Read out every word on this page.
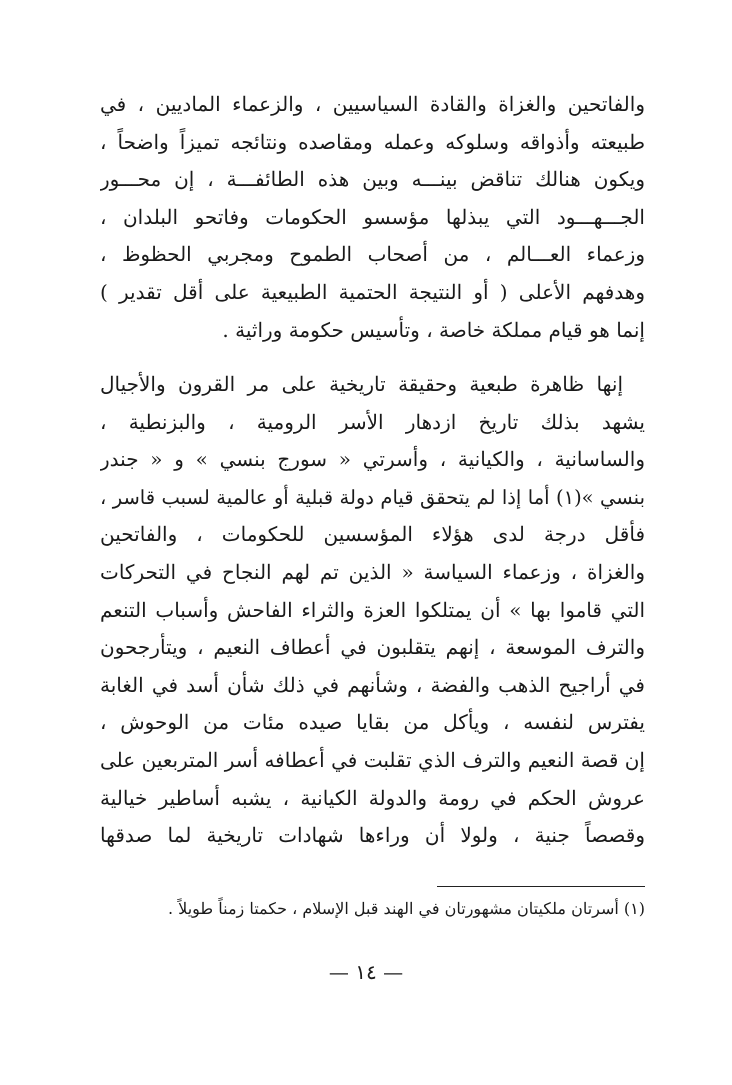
والفاتحين والغزاة والقادة السياسيين ، والزعماء الماديين ، في
طبيعته وأذواقه وسلوكه وعمله ومقاصده ونتائجه تميزاً واضحاً ،
ويكون هنالك تناقض بينـــه وبين هذه الطائفـــة ، إن محـــور
الجـــهـــود التي يبذلها مؤسسو الحكومات وفاتحو البلدان ،
وزعماء العـــالم ، من أصحاب الطموح ومجربي الحظوظ ،
وهدفهم الأعلى ( أو النتيجة الحتمية الطبيعية على أقل تقدير )
إنما هو قيام مملكة خاصة ، وتأسيس حكومة وراثية .
إنها ظاهرة طبعية وحقيقة تاريخية على مر القرون والأجيال
يشهد بذلك تاريخ ازدهار الأسر الرومية ، والبزنطية ،
والساسانية ، والكيانية ، وأسرتي « سورج بنسي » و « جندر
بنسي »(١) أما إذا لم يتحقق قيام دولة قبلية أو عالمية لسبب قاسر ،
فأقل درجة لدى هؤلاء المؤسسين للحكومات ، والفاتحين
والغزاة ، وزعماء السياسة « الذين تم لهم النجاح في التحركات
التي قاموا بها » أن يمتلكوا العزة والثراء الفاحش وأسباب التنعم
والترف الموسعة ، إنهم يتقلبون في أعطاف النعيم ، ويتأرجحون
في أراجيح الذهب والفضة ، وشأنهم في ذلك شأن أسد في الغابة
يفترس لنفسه ، ويأكل من بقايا صيده مئات من الوحوش ،
إن قصة النعيم والترف الذي تقلبت في أعطافه أسر المتربعين على
عروش الحكم في رومة والدولة الكيانية ، يشبه أساطير خيالية
وقصصاً جنية ، ولولا أن وراءها شهادات تاريخية لما صدقها
(١) أسرتان ملكيتان مشهورتان في الهند قبل الإسلام ، حكمتا زمناً طويلاً .
— ١٤ —
